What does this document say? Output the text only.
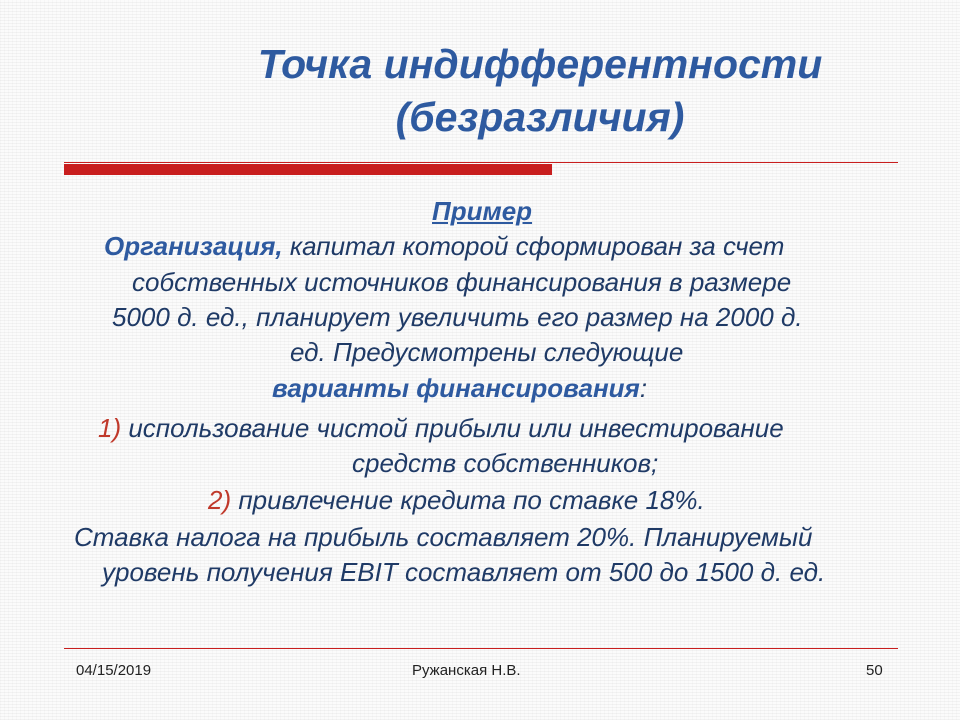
Точка индифферентности
(безразличия)
Пример
Организация, капитал которой сформирован за счет
собственных источников финансирования в размере
5000 д. ед., планирует увеличить его размер на 2000 д.
ед. Предусмотрены следующие
варианты финансирования:
1) использование чистой прибыли или инвестирование
средств собственников;
2) привлечение кредита по ставке 18%.
Ставка налога на прибыль составляет 20%. Планируемый
уровень получения EBIT составляет от 500 до 1500 д. ед.
04/15/2019	Ружанская Н.В.	50
